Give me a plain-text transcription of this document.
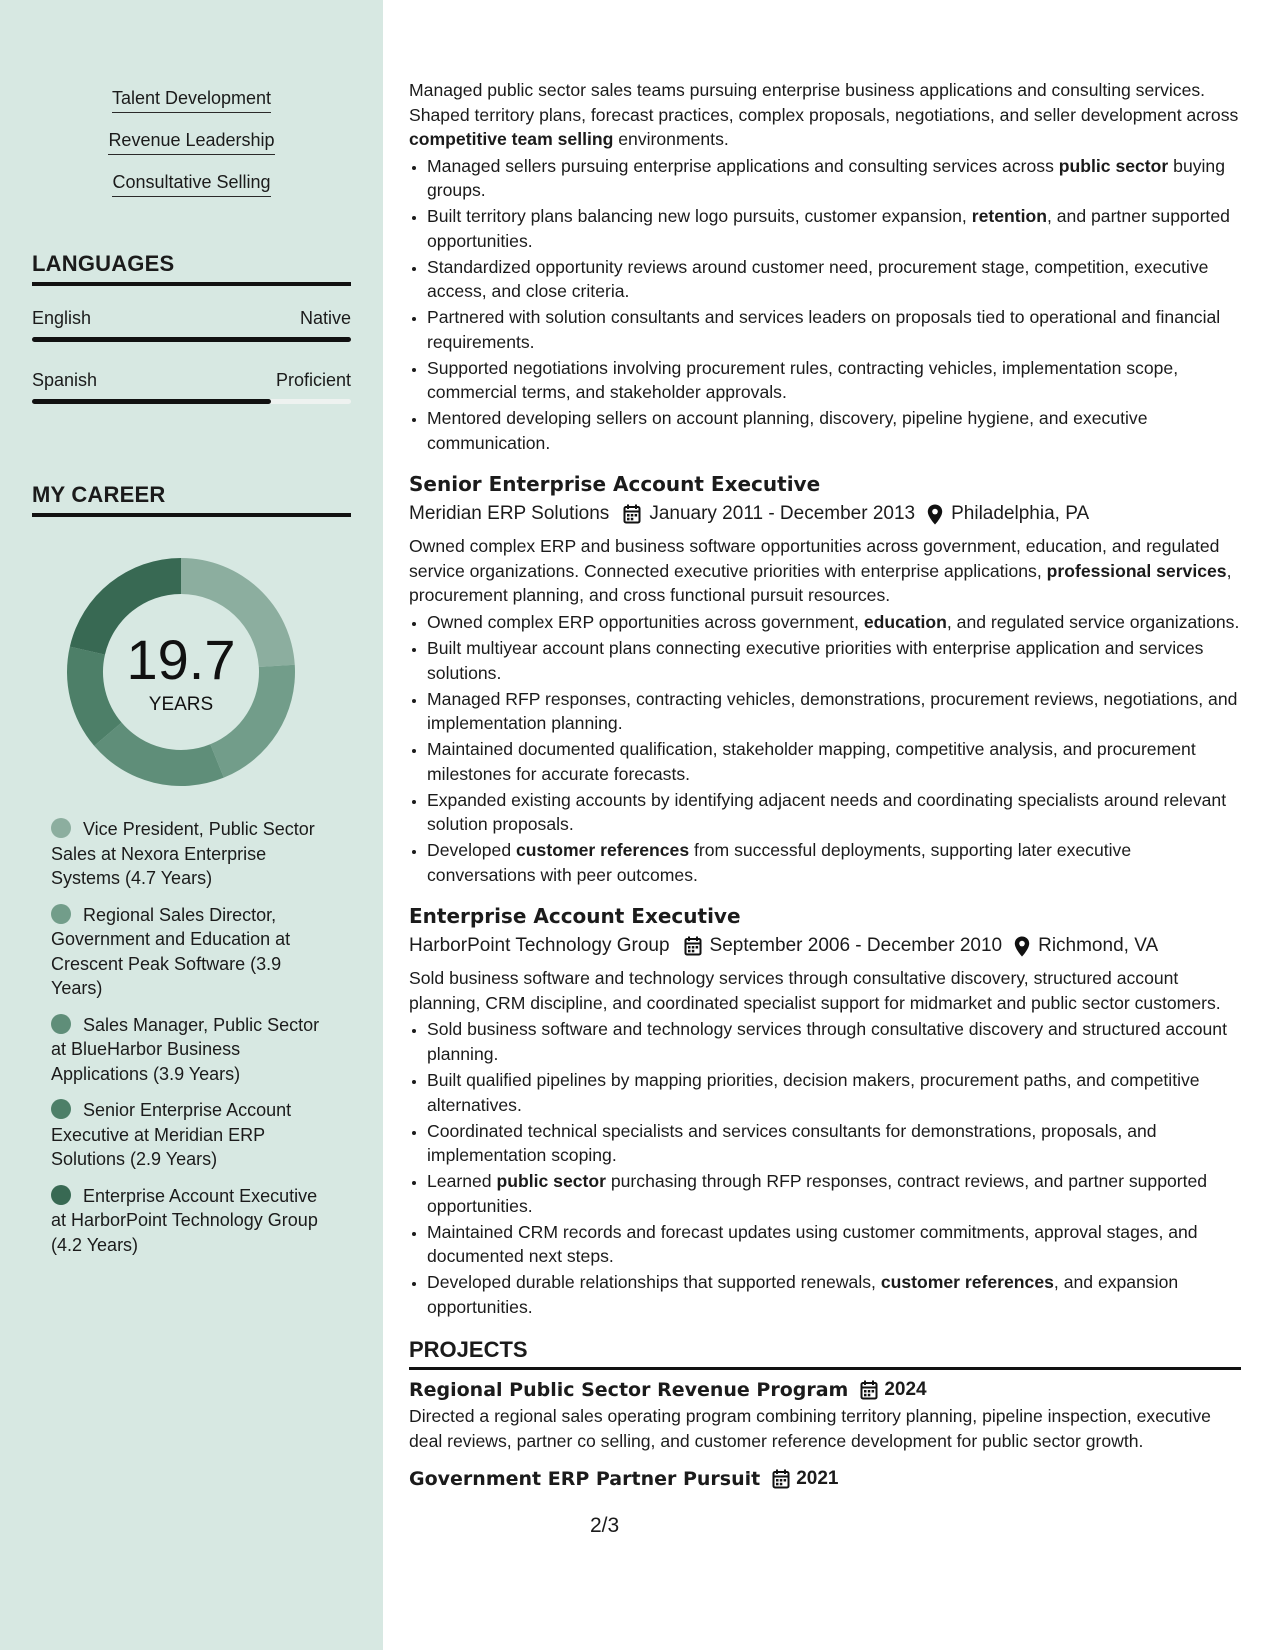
Talent Development
Revenue Leadership
Consultative Selling
LANGUAGES
English	Native
Spanish	Proficient
MY CAREER
19.7
YEARS
Vice President, Public Sector Sales at Nexora Enterprise Systems (4.7 Years)
Regional Sales Director, Government and Education at Crescent Peak Software (3.9 Years)
Sales Manager, Public Sector at BlueHarbor Business Applications (3.9 Years)
Senior Enterprise Account Executive at Meridian ERP Solutions (2.9 Years)
Enterprise Account Executive at HarborPoint Technology Group (4.2 Years)

Managed public sector sales teams pursuing enterprise business applications and consulting services. Shaped territory plans, forecast practices, complex proposals, negotiations, and seller development across competitive team selling environments.

• Managed sellers pursuing enterprise applications and consulting services across public sector buying groups.
• Built territory plans balancing new logo pursuits, customer expansion, retention, and partner supported opportunities.
• Standardized opportunity reviews around customer need, procurement stage, competition, executive access, and close criteria.
• Partnered with solution consultants and services leaders on proposals tied to operational and financial requirements.
• Supported negotiations involving procurement rules, contracting vehicles, implementation scope, commercial terms, and stakeholder approvals.
• Mentored developing sellers on account planning, discovery, pipeline hygiene, and executive communication.
Senior Enterprise Account Executive
Meridian ERP Solutions January 2011 - December 2013 Philadelphia, PA

Owned complex ERP and business software opportunities across government, education, and regulated service organizations. Connected executive priorities with enterprise applications, professional services, procurement planning, and cross functional pursuit resources.

• Owned complex ERP opportunities across government, education, and regulated service organizations.
• Built multiyear account plans connecting executive priorities with enterprise application and services solutions.
• Managed RFP responses, contracting vehicles, demonstrations, procurement reviews, negotiations, and implementation planning.
• Maintained documented qualification, stakeholder mapping, competitive analysis, and procurement milestones for accurate forecasts.
• Expanded existing accounts by identifying adjacent needs and coordinating specialists around relevant solution proposals.
• Developed customer references from successful deployments, supporting later executive conversations with peer outcomes.
Enterprise Account Executive
HarborPoint Technology Group September 2006 - December 2010 Richmond, VA

Sold business software and technology services through consultative discovery, structured account planning, CRM discipline, and coordinated specialist support for midmarket and public sector customers.

• Sold business software and technology services through consultative discovery and structured account planning.
• Built qualified pipelines by mapping priorities, decision makers, procurement paths, and competitive alternatives.
• Coordinated technical specialists and services consultants for demonstrations, proposals, and implementation scoping.
• Learned public sector purchasing through RFP responses, contract reviews, and partner supported opportunities.
• Maintained CRM records and forecast updates using customer commitments, approval stages, and documented next steps.
• Developed durable relationships that supported renewals, customer references, and expansion opportunities.
PROJECTS
Regional Public Sector Revenue Program 2024

Directed a regional sales operating program combining territory planning, pipeline inspection, executive deal reviews, partner co selling, and customer reference development for public sector growth.

Government ERP Partner Pursuit 2021
2/3
